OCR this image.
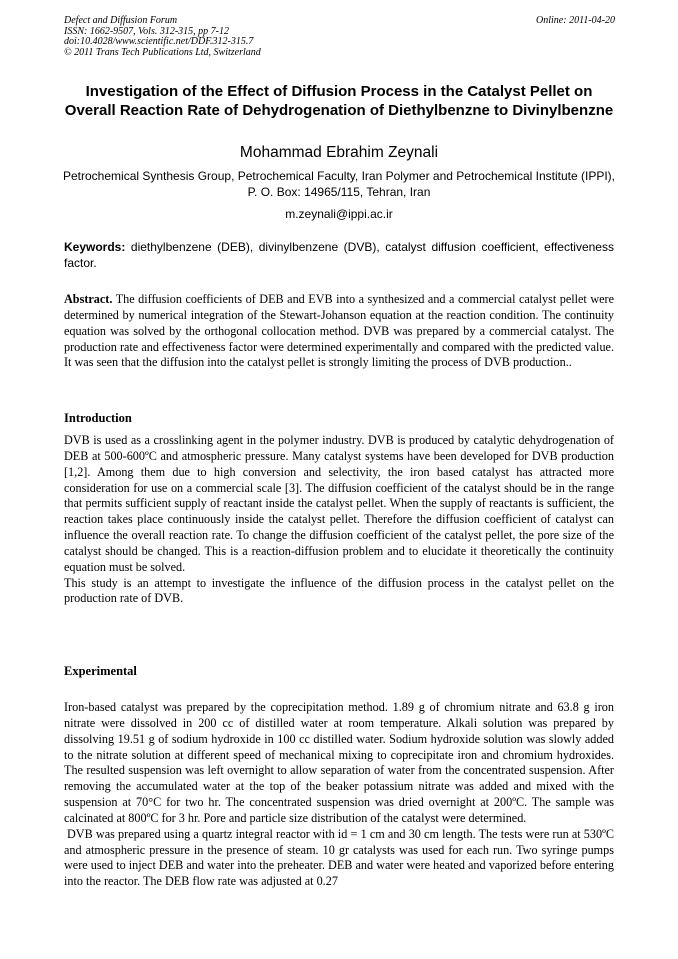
Defect and Diffusion Forum
ISSN: 1662-9507, Vols. 312-315, pp 7-12
doi:10.4028/www.scientific.net/DDF.312-315.7
© 2011 Trans Tech Publications Ltd, Switzerland
Online: 2011-04-20
Investigation of the Effect of Diffusion Process in the Catalyst Pellet on Overall Reaction Rate of Dehydrogenation of Diethylbenzne to Divinylbenzne
Mohammad Ebrahim Zeynali
Petrochemical Synthesis Group, Petrochemical Faculty, Iran Polymer and Petrochemical Institute (IPPI), P. O. Box: 14965/115, Tehran, Iran
m.zeynali@ippi.ac.ir
Keywords: diethylbenzene (DEB), divinylbenzene (DVB), catalyst diffusion coefficient, effectiveness factor.
Abstract. The diffusion coefficients of DEB and EVB into a synthesized and a commercial catalyst pellet were determined by numerical integration of the Stewart-Johanson equation at the reaction condition. The continuity equation was solved by the orthogonal collocation method. DVB was prepared by a commercial catalyst. The production rate and effectiveness factor were determined experimentally and compared with the predicted value. It was seen that the diffusion into the catalyst pellet is strongly limiting the process of DVB production..
Introduction

DVB is used as a crosslinking agent in the polymer industry. DVB is produced by catalytic dehydrogenation of DEB at 500-600ºC and atmospheric pressure. Many catalyst systems have been developed for DVB production [1,2]. Among them due to high conversion and selectivity, the iron based catalyst has attracted more consideration for use on a commercial scale [3]. The diffusion coefficient of the catalyst should be in the range that permits sufficient supply of reactant inside the catalyst pellet. When the supply of reactants is sufficient, the reaction takes place continuously inside the catalyst pellet. Therefore the diffusion coefficient of catalyst can influence the overall reaction rate. To change the diffusion coefficient of the catalyst pellet, the pore size of the catalyst should be changed. This is a reaction-diffusion problem and to elucidate it theoretically the continuity equation must be solved.

This study is an attempt to investigate the influence of the diffusion process in the catalyst pellet on the production rate of DVB.

Experimental

Iron-based catalyst was prepared by the coprecipitation method. 1.89 g of chromium nitrate and 63.8 g iron nitrate were dissolved in 200 cc of distilled water at room temperature. Alkali solution was prepared by dissolving 19.51 g of sodium hydroxide in 100 cc distilled water. Sodium hydroxide solution was slowly added to the nitrate solution at different speed of mechanical mixing to coprecipitate iron and chromium hydroxides. The resulted suspension was left overnight to allow separation of water from the concentrated suspension. After removing the accumulated water at the top of the beaker potassium nitrate was added and mixed with the suspension at 70°C for two hr. The concentrated suspension was dried overnight at 200ºC. The sample was calcinated at 800ºC for 3 hr. Pore and particle size distribution of the catalyst were determined.

DVB was prepared using a quartz integral reactor with id = 1 cm and 30 cm length. The tests were run at 530ºC and atmospheric pressure in the presence of steam. 10 gr catalysts was used for each run. Two syringe pumps were used to inject DEB and water into the preheater. DEB and water were heated and vaporized before entering into the reactor. The DEB flow rate was adjusted at 0.27
